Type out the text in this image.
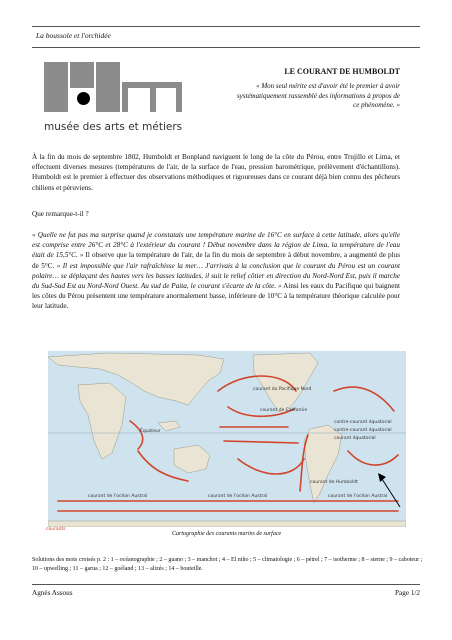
La boussole et l'orchidée
musée des arts et métiers
LE COURANT DE HUMBOLDT
« Mon seul mérite est d'avoir été le premier à avoir systématiquement rassemblé des informations à propos de ce phénomène. »
À la fin du mois de septembre 1802, Humboldt et Bonpland naviguent le long de la côte du Pérou, entre Trujillo et Lima, et effectuent diverses mesures (températures de l'air, de la surface de l'eau, pression barométrique, prélèvement d'échantillons). Humboldt est le premier à effectuer des observations méthodiques et rigoureuses dans ce courant déjà bien connu des pêcheurs chiliens et péruviens.
Que remarque-t-il ?
« Quelle ne fut pas ma surprise quand je constatais une température marine de 16°C en surface à cette latitude, alors qu'elle est comprise entre 26°C et 28°C à l'extérieur du courant ! Début novembre dans la région de Lima, la température de l'eau était de 15,5°C. » Il observe que la température de l'air, de la fin du mois de septembre à début novembre, a augmenté de plus de 5°C. « Il est impossible que l'air rafraîchisse la mer… J'arrivais à la conclusion que le courant du Pérou est un courant polaire… se déplaçant des hautes vers les basses latitudes, il suit le relief côtier en direction du Nord-Nord Est, puis il marche du Sud-Sud Est au Nord-Nord Ouest. Au sud de Paita, le courant s'écarte de la côte. » Ainsi les eaux du Pacifique qui baignent les côtes du Pérou présentent une température anormalement basse, inférieure de 10°C à la température théorique calculée pour leur latitude.
courant du Pacifique Nord
courant de Californie
contre-courant équatorial
contre-courant équatorial
courant équatorial
Équateur
courant de Humboldt
courant de l'océan Austral	courant de l'océan Austral	courant de l'océan Austral
courants
Cartographie des courants marins de surface
Solutions des mots croisés p. 2 : 1 – océanographie ; 2 – guano ; 3 – manchot ; 4 – El niño ; 5 – climatologie ; 6 – pétrel ; 7 – isotherme ; 8 – sterne ; 9 – caboteur ; 10 – upwelling ; 11 – garua ; 12 – goéland ; 13 – alizés ; 14 – bouteille.
Agnès Assous	Page 1/2
